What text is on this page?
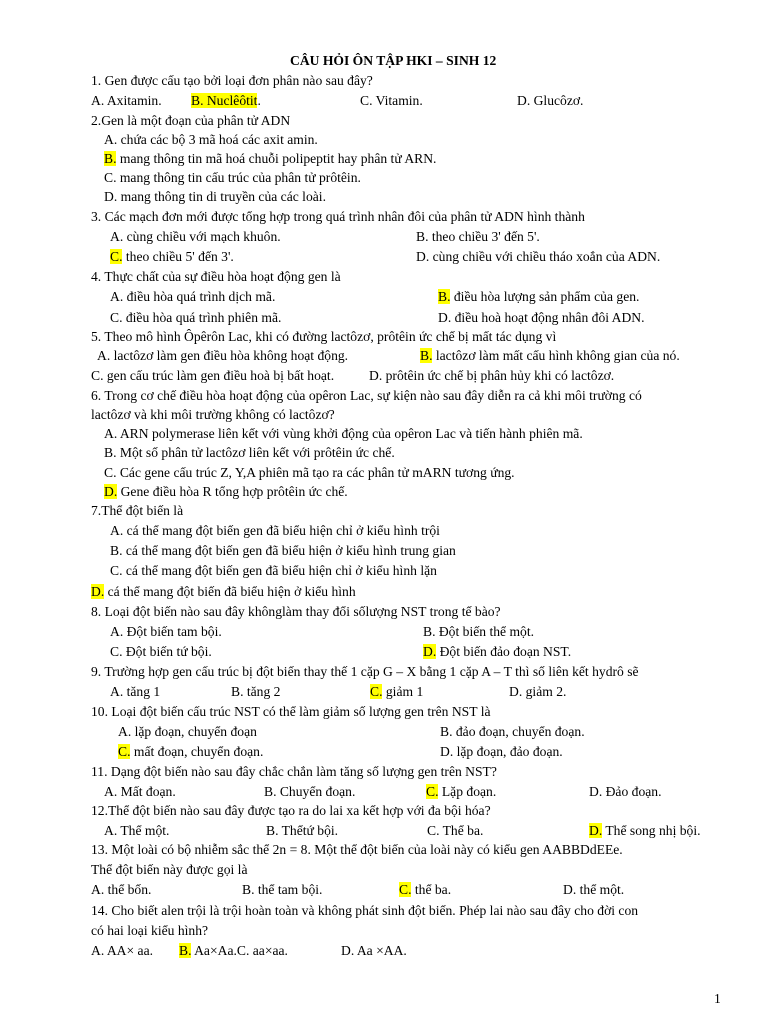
CÂU HỎI ÔN TẬP HKI – SINH 12
1. Gen được cấu tạo bởi loại đơn phân nào sau đây?
A. Axitamin. B. Nuclêôtit.	C. Vitamin.	D. Glucôzơ.
2.Gen là một đoạn của phân tử ADN
A. chứa các bộ 3 mã hoá các axit amin.
B. mang thông tin mã hoá chuỗi polipeptit hay phân tử ARN.
C. mang thông tin cấu trúc của phân tử prôtêin.
D. mang thông tin di truyền của các loài.
3. Các mạch đơn mới được tổng hợp trong quá trình nhân đôi của phân tử ADN hình thành
A. cùng chiều với mạch khuôn.	B. theo chiều 3' đến 5'.
C. theo chiều 5' đến 3'.	D. cùng chiều với chiều tháo xoắn của ADN.
4. Thực chất của sự điều hòa hoạt động gen là
A. điều hòa quá trình dịch mã.	B. điều hòa lượng sản phẩm của gen.
C. điều hòa quá trình phiên mã.	D. điều hoà hoạt động nhân đôi ADN.
5. Theo mô hình Ôpêrôn Lac, khi có đường lactôzơ, prôtêin ức chế bị mất tác dụng vì
A. lactôzơ làm gen điều hòa không hoạt động.	B. lactôzơ làm mất cấu hình không gian của nó.
C. gen cấu trúc làm gen điều hoà bị bất hoạt.	D. prôtêin ức chế bị phân hủy khi có lactôzơ.
6. Trong cơ chế điều hòa hoạt động của opêron Lac, sự kiện nào sau đây diễn ra cả khi môi trường có
lactôzơ và khi môi trường không có lactôzơ?
A. ARN polymerase liên kết với vùng khởi động của opêron Lac và tiến hành phiên mã.
B. Một số phân tử lactôzơ liên kết với prôtêin ức chế.
C. Các gene cấu trúc Z, Y,A phiên mã tạo ra các phân tử mARN tương ứng.
D. Gene điều hòa R tổng hợp prôtêin ức chế.
7.Thể đột biến là
A. cá thể mang đột biến gen đã biểu hiện chỉ ở kiểu hình trội
B. cá thể mang đột biến gen đã biểu hiện ở kiểu hình trung gian
C. cá thể mang đột biến gen đã biểu hiện chỉ ở kiểu hình lặn
D. cá thể mang đột biến đã biểu hiện ở kiểu hình
8. Loại đột biến nào sau đây khônglàm thay đổi sốlượng NST trong tế bào?
A. Đột biến tam bội.	B. Đột biến thể một.
C. Đột biến tứ bội.	D. Đột biến đảo đoạn NST.
9. Trường hợp gen cấu trúc bị đột biến thay thế 1 cặp G – X bằng 1 cặp A – T thì số liên kết hydrô sẽ
A. tăng 1	B. tăng 2	C. giảm 1	D. giảm 2.
10. Loại đột biến cấu trúc NST có thể làm giảm số lượng gen trên NST là
A. lặp đoạn, chuyển đoạn	B. đảo đoạn, chuyển đoạn.
C. mất đoạn, chuyển đoạn.	D. lặp đoạn, đảo đoạn.
11. Dạng đột biến nào sau đây chắc chắn làm tăng số lượng gen trên NST?
A. Mất đoạn.	B. Chuyển đoạn.	C. Lặp đoạn.	D. Đảo đoạn.
12.Thể đột biến nào sau đây được tạo ra do lai xa kết hợp với đa bội hóa?
A. Thể một.	B. Thểtứ bội.	C. Thể ba.	D. Thể song nhị bội.
13. Một loài có bộ nhiễm sắc thể 2n = 8. Một thể đột biến của loài này có kiểu gen AABBDdEEe.
Thể đột biến này được gọi là
A. thể bốn.	B. thể tam bội.	C. thể ba.	D. thể một.
14. Cho biết alen trội là trội hoàn toàn và không phát sinh đột biến. Phép lai nào sau đây cho đời con
có hai loại kiểu hình?
A. AA× aa. B. Aa×Aa.C. aa×aa.	D. Aa ×AA.
1
